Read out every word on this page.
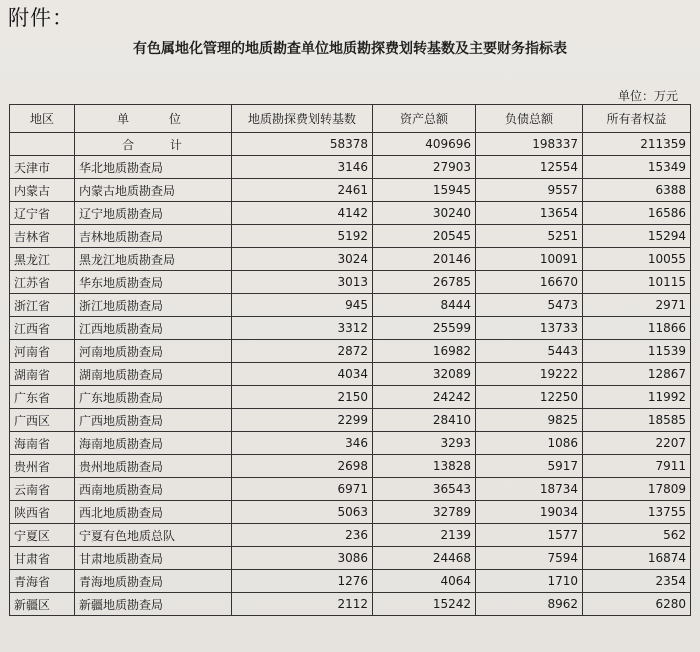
附件：
有色属地化管理的地质勘查单位地质勘探费划转基数及主要财务指标表
单位：万元
地区	单 位	地质勘探费划转基数	资产总额	负债总额	所有者权益
	合 计	58378	409696	198337	211359
天津市	华北地质勘查局	3146	27903	12554	15349
内蒙古	内蒙古地质勘查局	2461	15945	9557	6388
辽宁省	辽宁地质勘查局	4142	30240	13654	16586
吉林省	吉林地质勘查局	5192	20545	5251	15294
黑龙江	黑龙江地质勘查局	3024	20146	10091	10055
江苏省	华东地质勘查局	3013	26785	16670	10115
浙江省	浙江地质勘查局	945	8444	5473	2971
江西省	江西地质勘查局	3312	25599	13733	11866
河南省	河南地质勘查局	2872	16982	5443	11539
湖南省	湖南地质勘查局	4034	32089	19222	12867
广东省	广东地质勘查局	2150	24242	12250	11992
广西区	广西地质勘查局	2299	28410	9825	18585
海南省	海南地质勘查局	346	3293	1086	2207
贵州省	贵州地质勘查局	2698	13828	5917	7911
云南省	西南地质勘查局	6971	36543	18734	17809
陕西省	西北地质勘查局	5063	32789	19034	13755
宁夏区	宁夏有色地质总队	236	2139	1577	562
甘肃省	甘肃地质勘查局	3086	24468	7594	16874
青海省	青海地质勘查局	1276	4064	1710	2354
新疆区	新疆地质勘查局	2112	15242	8962	6280
